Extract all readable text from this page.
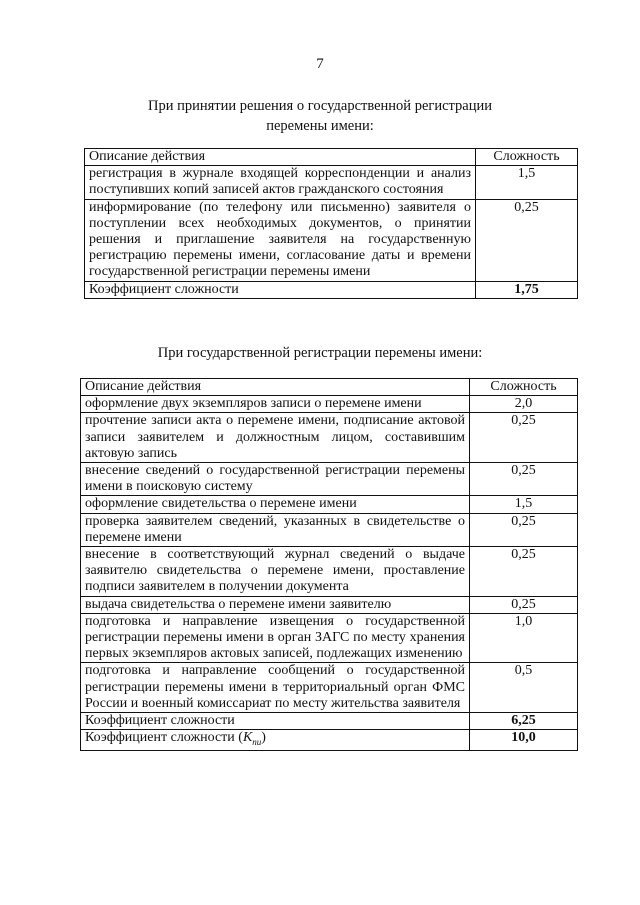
7
При принятии решения о государственной регистрации
перемены имени:
Описание действия	Сложность
регистрация в журнале входящей корреспонденции и анализ поступивших копий записей актов гражданского состояния	1,5
информирование (по телефону или письменно) заявителя о поступлении всех необходимых документов, о принятии решения и приглашение заявителя на государственную регистрацию перемены имени, согласование даты и времени государственной регистрации перемены имени	0,25
Коэффициент сложности	1,75
При государственной регистрации перемены имени:
Описание действия	Сложность
оформление двух экземпляров записи о перемене имени	2,0
прочтение записи акта о перемене имени, подписание актовой записи заявителем и должностным лицом, составившим актовую запись	0,25
внесение сведений о государственной регистрации перемены имени в поисковую систему	0,25
оформление свидетельства о перемене имени	1,5
проверка заявителем сведений, указанных в свидетельстве о перемене имени	0,25
внесение в соответствующий журнал сведений о выдаче заявителю свидетельства о перемене имени, проставление подписи заявителем в получении документа	0,25
выдача свидетельства о перемене имени заявителю	0,25
подготовка и направление извещения о государственной регистрации перемены имени в орган ЗАГС по месту хранения первых экземпляров актовых записей, подлежащих изменению	1,0
подготовка и направление сообщений о государственной регистрации перемены имени в территориальный орган ФМС России и военный комиссариат по месту жительства заявителя	0,5
Коэффициент сложности	6,25
Коэффициент сложности $(K_{пи})$	10,0
